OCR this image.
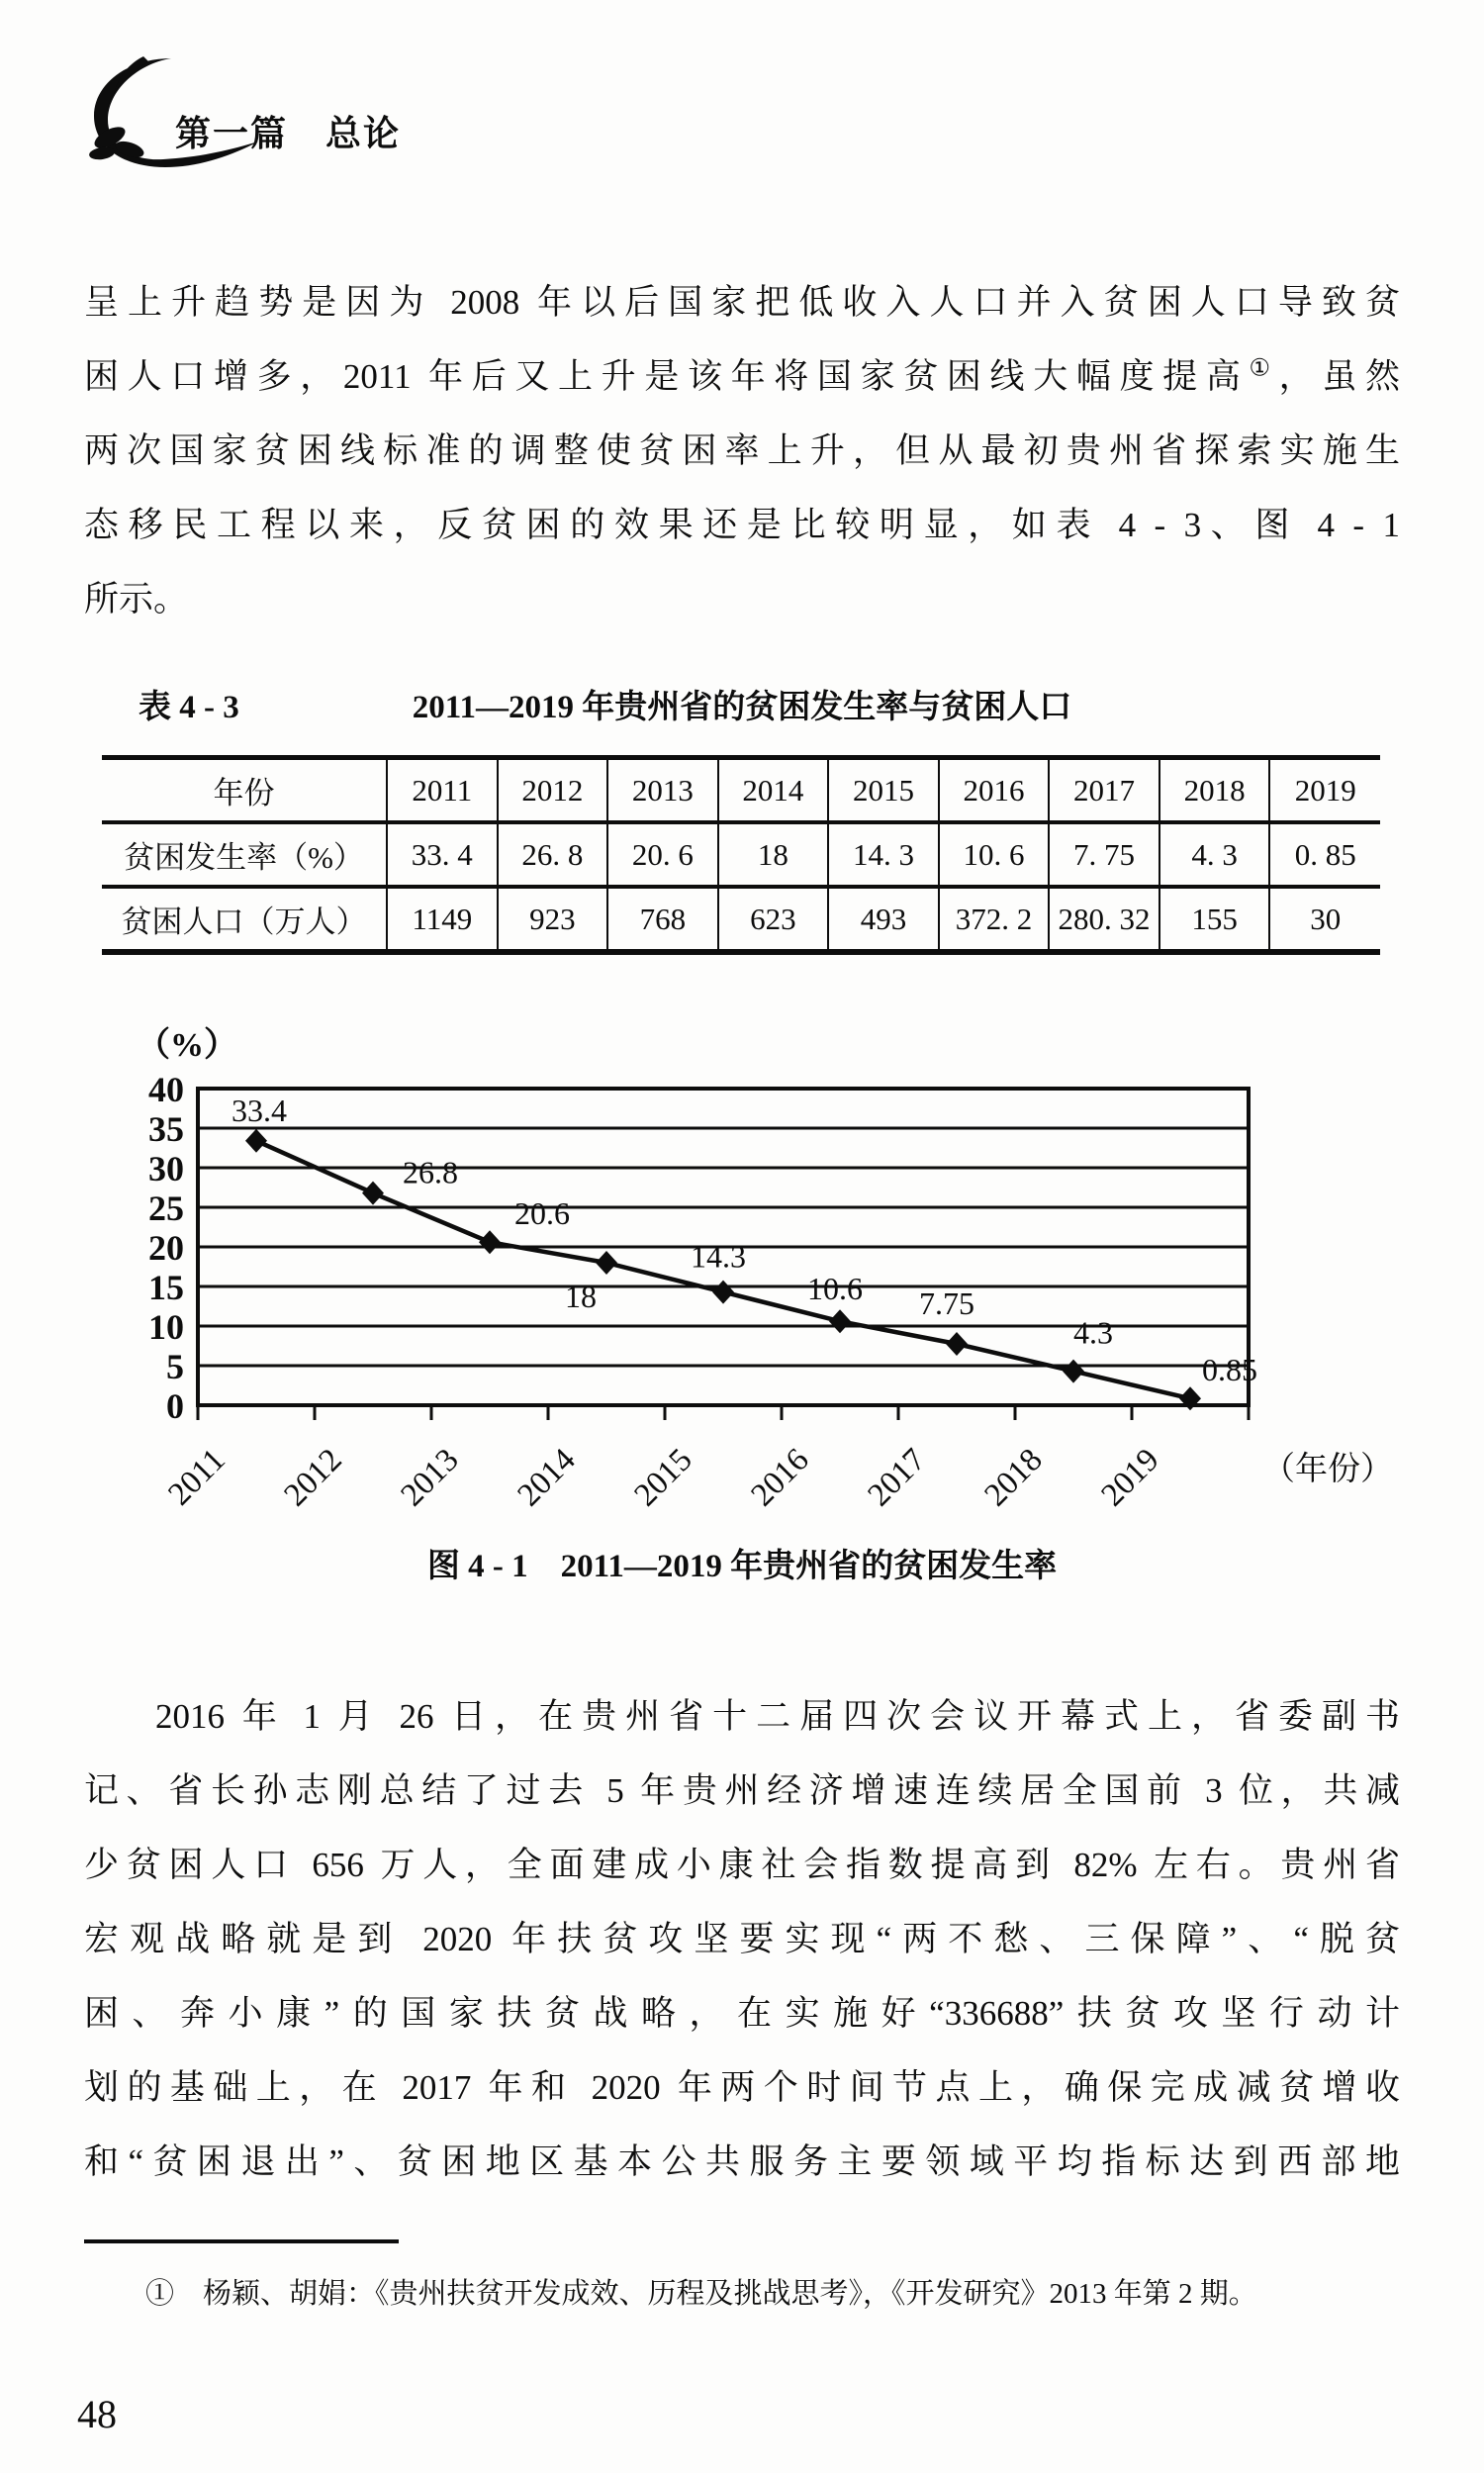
第一篇　总论
呈上升趋势是因为 2008 年以后国家把低收入人口并入贫困人口导致贫
困人口增多，2011 年后又上升是该年将国家贫困线大幅度提高①，虽然
两次国家贫困线标准的调整使贫困率上升，但从最初贵州省探索实施生
态移民工程以来，反贫困的效果还是比较明显，如表 4 - 3、图 4 - 1
所示。
2011—2019 年贵州省的贫困发生率与贫困人口
表 4 - 3
年份	2011	2012	2013	2014	2015	2016	2017	2018	2019
贫困发生率（%）	33. 4	26. 8	20. 6	18	14. 3	10. 6	7. 75	4. 3	0. 85
贫困人口（万人）	1149	923	768	623	493	372. 2	280. 32	155	30
0
5
10
15
20
25
30
35
40
（%）
（年份）
2011 2012 2013 2014 2015 2016 2017 2018 2019
33.4
26.8
20.6
18
14.3
10.6 7.75
4.3
0.85
图 4 - 1　2011—2019 年贵州省的贫困发生率
2016 年 1 月 26 日，在贵州省十二届四次会议开幕式上，省委副书
记、省长孙志刚总结了过去 5 年贵州经济增速连续居全国前 3 位，共减
少贫困人口 656 万人，全面建成小康社会指数提高到 82% 左右。贵州省
宏观战略就是到 2020 年扶贫攻坚要实现“两不愁、三保障”、“脱贫
困、奔小康”的国家扶贫战略，在实施好“336688”扶贫攻坚行动计
划的基础上，在 2017 年和 2020 年两个时间节点上，确保完成减贫增收
和“贫困退出”、贫困地区基本公共服务主要领域平均指标达到西部地
①　杨颖、胡娟：《贵州扶贫开发成效、历程及挑战思考》，《开发研究》2013 年第 2 期。
48
